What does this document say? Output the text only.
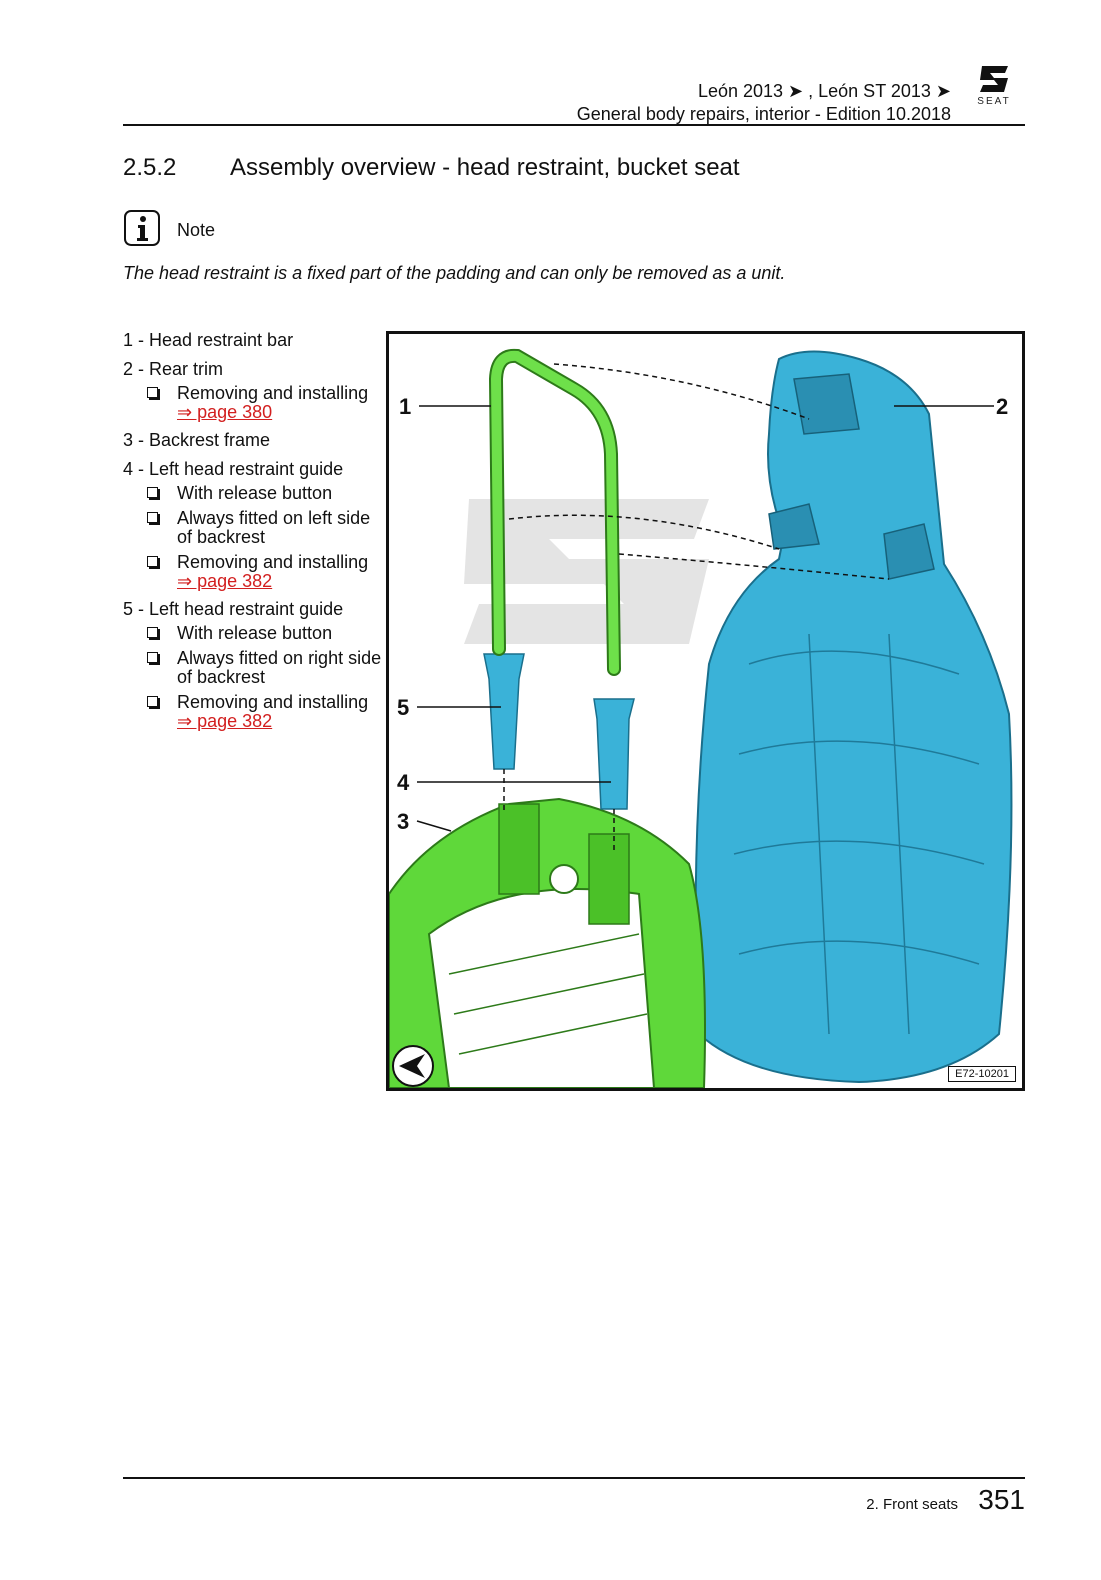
León 2013 ➤ , León ST 2013 ➤
General body repairs, interior - Edition 10.2018
SEAT
2.5.2 Assembly overview - head restraint, bucket seat
Note
The head restraint is a fixed part of the padding and can only be removed as a unit.
1 - Head restraint bar
2 - Rear trim
Removing and installing
⇒ page 380
3 - Backrest frame
4 - Left head restraint guide
With release button
Always fitted on left side of backrest
Removing and installing
⇒ page 382
5 - Left head restraint guide
With release button
Always fitted on right side of backrest
Removing and installing
⇒ page 382
1	2
5
4
3
E72-10201
2. Front seats 351
